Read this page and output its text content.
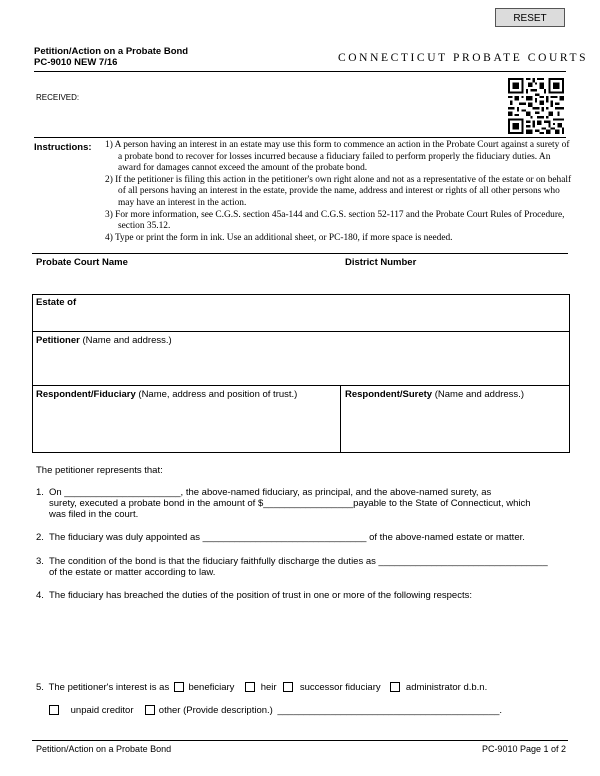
RESET
Petition/Action on a Probate Bond
PC-9010 NEW 7/16	CONNECTICUT PROBATE COURTS
RECEIVED:
Instructions: 1) A person having an interest in an estate may use this form to commence an action in the Probate Court against a surety of a probate bond to recover for losses incurred because a fiduciary failed to perform properly the fiduciary duties. An award for damages cannot exceed the amount of the probate bond.
2) If the petitioner is filing this action in the petitioner's own right alone and not as a representative of the estate or on behalf of all persons having an interest in the estate, provide the name, address and interest or rights of all other persons who may have an interest in the action.
3) For more information, see C.G.S. section 45a-144 and C.G.S. section 52-117 and the Probate Court Rules of Procedure, section 35.12.
4) Type or print the form in ink. Use an additional sheet, or PC-180, if more space is needed.
Probate Court Name	District Number
Estate of
Petitioner (Name and address.)
Respondent/Fiduciary (Name, address and position of trust.)	Respondent/Surety (Name and address.)
The petitioner represents that:
1. On ______________________, the above-named fiduciary, as principal, and the above-named surety, as
surety, executed a probate bond in the amount of $_________________payable to the State of Connecticut, which
was filed in the court.
2. The fiduciary was duly appointed as _______________________________ of the above-named estate or matter.
3. The condition of the bond is that the fiduciary faithfully discharge the duties as ________________________________
of the estate or matter according to law.
4. The fiduciary has breached the duties of the position of trust in one or more of the following respects:
5. The petitioner's interest is as beneficiary	heir successor fiduciary	administrator d.b.n.
unpaid creditor	other (Provide description.) __________________________________________.
Petition/Action on a Probate Bond	PC-9010 Page 1 of 2
